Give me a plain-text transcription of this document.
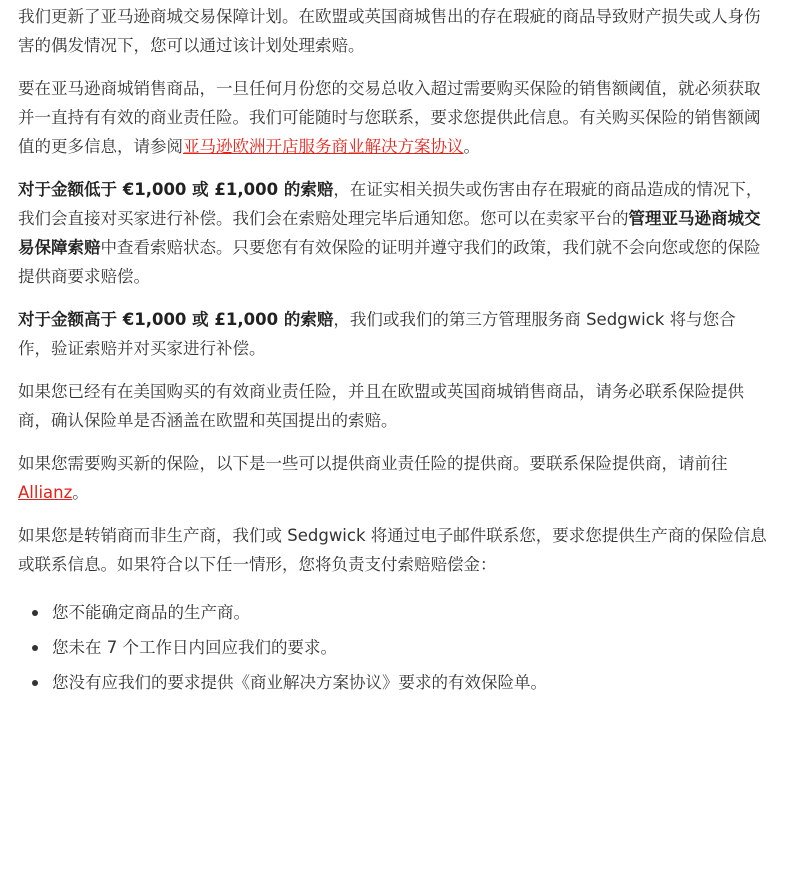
我们更新了亚马逊商城交易保障计划。在欧盟或英国商城售出的存在瑕疵的商品导致财产损失或人身伤害的偶发情况下，您可以通过该计划处理索赔。

要在亚马逊商城销售商品，一旦任何月份您的交易总收入超过需要购买保险的销售额阈值，就必须获取并一直持有有效的商业责任险。我们可能随时与您联系，要求您提供此信息。有关购买保险的销售额阈值的更多信息，请参阅亚马逊欧洲开店服务商业解决方案协议。

对于金额低于 €1,000 或 £1,000 的索赔，在证实相关损失或伤害由存在瑕疵的商品造成的情况下，我们会直接对买家进行补偿。我们会在索赔处理完毕后通知您。您可以在卖家平台的管理亚马逊商城交易保障索赔中查看索赔状态。只要您有有效保险的证明并遵守我们的政策，我们就不会向您或您的保险提供商要求赔偿。

对于金额高于 €1,000 或 £1,000 的索赔，我们或我们的第三方管理服务商 Sedgwick 将与您合作，验证索赔并对买家进行补偿。

如果您已经有在美国购买的有效商业责任险，并且在欧盟或英国商城销售商品，请务必联系保险提供商，确认保险单是否涵盖在欧盟和英国提出的索赔。

如果您需要购买新的保险，以下是一些可以提供商业责任险的提供商。要联系保险提供商，请前往 Allianz。

如果您是转销商而非生产商，我们或 Sedgwick 将通过电子邮件联系您，要求您提供生产商的保险信息或联系信息。如果符合以下任一情形，您将负责支付索赔赔偿金：

您不能确定商品的生产商。
您未在 7 个工作日内回应我们的要求。
您没有应我们的要求提供《商业解决方案协议》要求的有效保险单。
